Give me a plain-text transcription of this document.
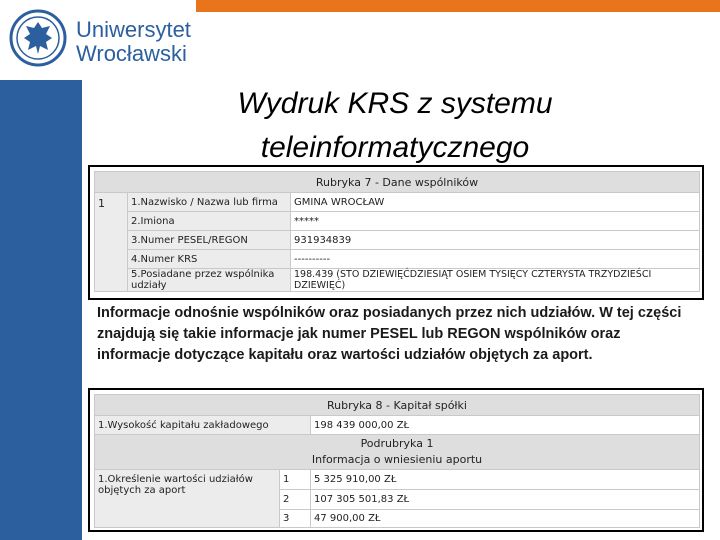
Uniwersytet
Wrocławski
Wydruk KRS z systemu
teleinformatycznego
Rubryka 7 - Dane wspólników		
1	1.Nazwisko / Nazwa lub firma	GMINA WROCŁAW
	2.Imiona	*****
	3.Numer PESEL/REGON	931934839
	4.Numer KRS	----------
	5.Posiadane przez wspólnika udziały	198.439 (STO DZIEWIĘĆDZIESIĄT OSIEM TYSIĘCY CZTERYSTA TRZYDZIEŚCI DZIEWIĘĆ)
Informacje odnośnie wspólników oraz posiadanych przez nich udziałów. W tej części znajdują się takie informacje jak numer PESEL lub REGON wspólników oraz informacje dotyczące kapitału oraz wartości udziałów objętych za aport.
Rubryka 8 - Kapitał spółki		
1.Wysokość kapitału zakładowego		198 439 000,00 ZŁ

Podrubryka 1
Informacja o wniesieniu aportu		

1.Określenie wartości udziałów objętych za aport	1	5 325 910,00 ZŁ
	2	107 305 501,83 ZŁ
	3	47 900,00 ZŁ
